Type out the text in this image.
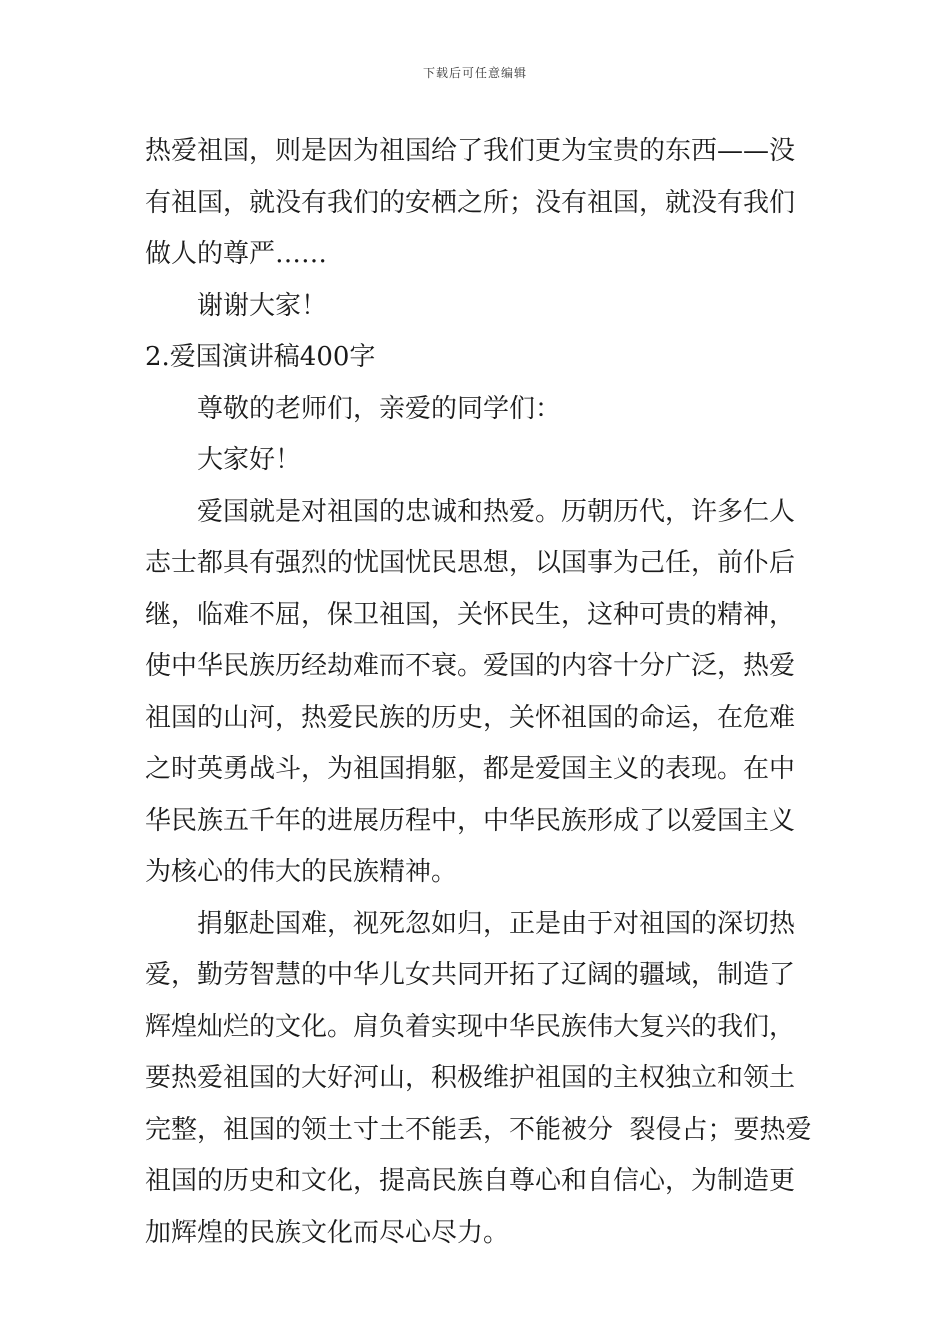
下载后可任意编辑
热爱祖国，则是因为祖国给了我们更为宝贵的东西——没
有祖国，就没有我们的安栖之所；没有祖国，就没有我们
做人的尊严……
谢谢大家！
2.爱国演讲稿400字
尊敬的老师们，亲爱的同学们：
大家好！
爱国就是对祖国的忠诚和热爱。历朝历代，许多仁人
志士都具有强烈的忧国忧民思想，以国事为己任，前仆后
继，临难不屈，保卫祖国，关怀民生，这种可贵的精神，
使中华民族历经劫难而不衰。爱国的内容十分广泛，热爱
祖国的山河，热爱民族的历史，关怀祖国的命运，在危难
之时英勇战斗，为祖国捐躯，都是爱国主义的表现。在中
华民族五千年的进展历程中，中华民族形成了以爱国主义
为核心的伟大的民族精神。
捐躯赴国难，视死忽如归，正是由于对祖国的深切热
爱，勤劳智慧的中华儿女共同开拓了辽阔的疆域，制造了
辉煌灿烂的文化。肩负着实现中华民族伟大复兴的我们，
要热爱祖国的大好河山，积极维护祖国的主权独立和领土
完整，祖国的领土寸土不能丢，不能被分  裂侵占；要热爱
祖国的历史和文化，提高民族自尊心和自信心，为制造更
加辉煌的民族文化而尽心尽力。
